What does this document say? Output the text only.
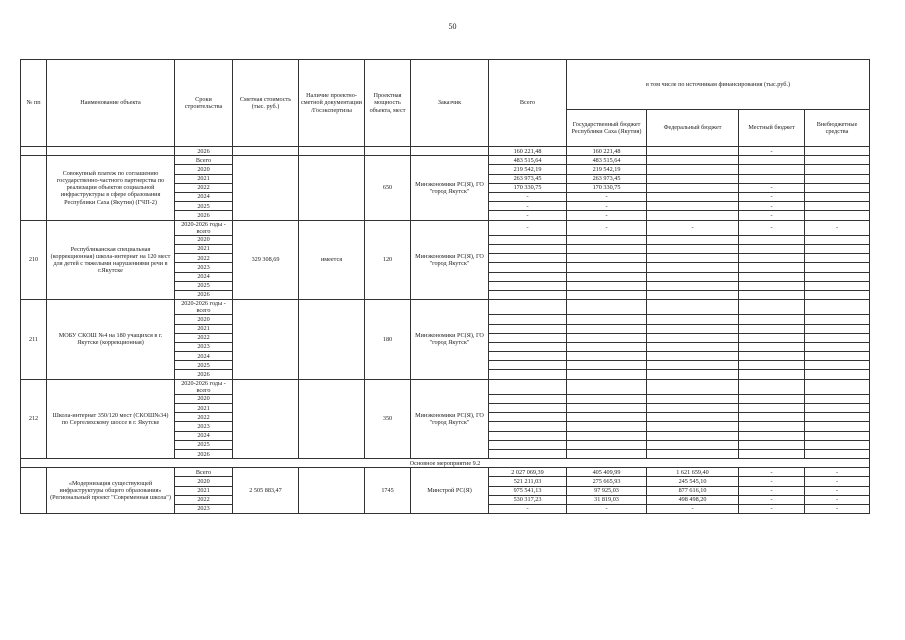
50
№ пп	Наименование объекта	Сроки строительства	Сметная стоимость (тыс. руб.)	Наличие проектно-сметной документации /Госэкспертизы	Проектная мощность объекта, мест	Заказчик	Всего	в том числе по источникам финансирования (тыс.руб.)			
								Государственный бюджет Республики Саха (Якутия)	Федеральный бюджет	Местный бюджет	Внебюджетные средства
		2026					160 221,48	160 221,48		-	
	Совокупный платеж по соглашению государственно-частного партнерства по реализации объектов социальной инфраструктуры в сфере образования Республики Саха (Якутия) (ГЧП-2)	Всего			650	Минэкономики РС(Я), ГО "город Якутск"	483 515,64	483 515,64			
		2020					219 542,19	219 542,19			
		2021					263 973,45	263 973,45			
		2022					170 330,75	170 330,75		-	
		2024					-	-		-	
		2025					-	-		-	
		2026					-	-		-	
210	Республиканская специальная (коррекционная) школа-интернат на 120 мест для детей с тяжелыми нарушениями речи в г.Якутске	2020-2026 годы - всего	329 308,69	имеется	120	Минэкономики РС(Я), ГО "город Якутск"	-	-	-	-	-
		2020									
		2021									
		2022									
		2023									
		2024									
		2025									
		2026									
211	МОБУ СКОШ №4 на 180 учащихся в г. Якутске (коррекционная)	2020-2026 годы - всего			180	Минэкономики РС(Я), ГО "город Якутск"					
		2020									
		2021									
		2022									
		2023									
		2024									
		2025									
		2026									
212	Школа-интернат 350/120 мест (СКОШ№34) по Сергеляхскому шоссе в г. Якутске	2020-2026 годы - всего			350	Минэкономики РС(Я), ГО "город Якутск"					
		2020									
		2021									
		2022									
		2023									
		2024									
		2025									
		2026									
Основное мероприятие 9.2											
	«Модернизация существующей инфраструктуры общего образования» (Региональный проект "Современная школа")	Всего	2 505 883,47		1745	Минстрой РС(Я)	2 027 069,39	405 409,99	1 621 659,40	-	-
		2020					521 211,03	275 665,93	245 545,10	-	-
		2021					975 541,13	97 925,03	877 616,10	-	-
		2022					530 317,23	31 819,03	498 498,20	-	-
		2023					-	-	-	-	-
